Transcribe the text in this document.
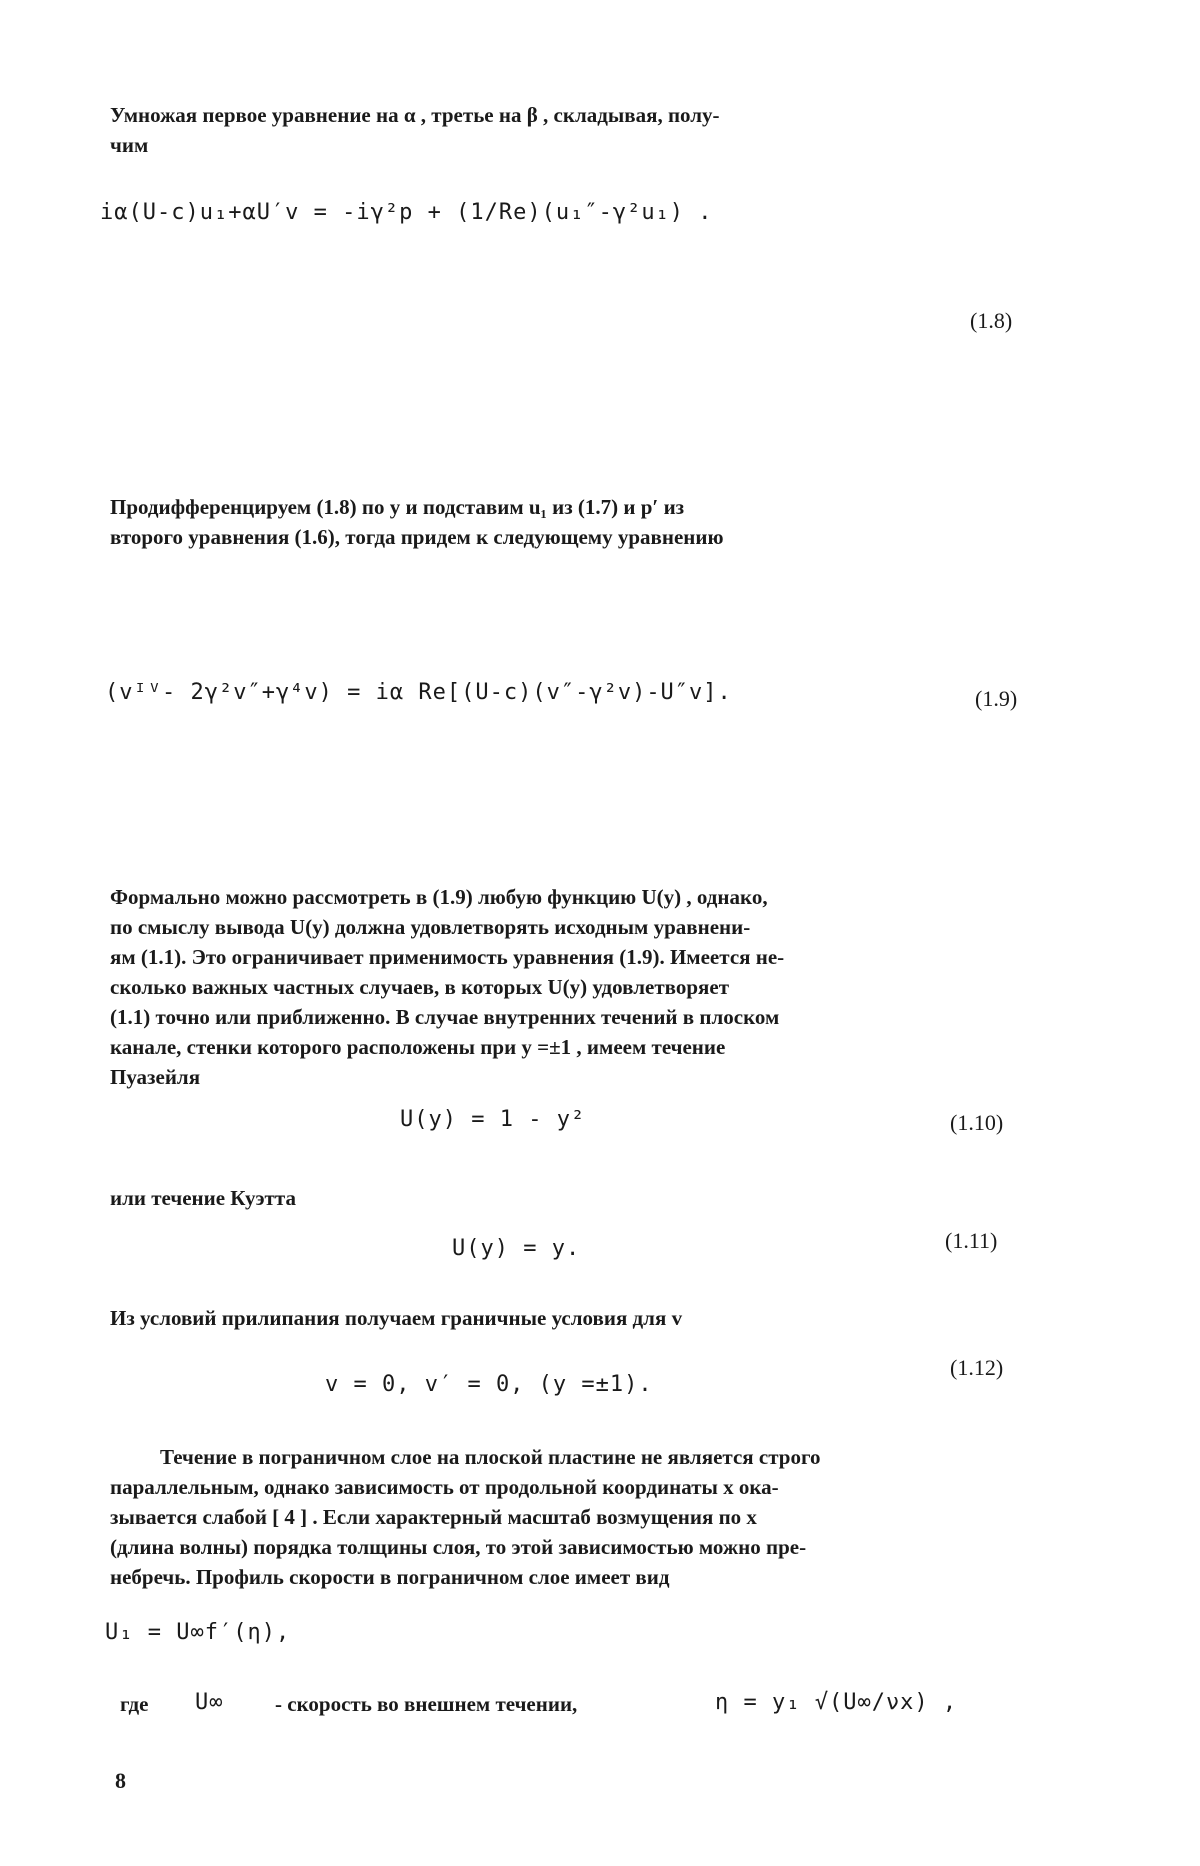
Умножая первое уравнение на α , третье на β , складывая, полу-
чим
iα(U-c)u₁+αU′v = -iγ²p + (1/Re)(u₁″-γ²u₁) .
(1.8)
Продифференцируем (1.8) по y и подставим u₁ из (1.7) и p′ из
второго уравнения (1.6), тогда придем к следующему уравнению
(vᴵⱽ- 2γ²v″+γ⁴v) = iα Re[(U-c)(v″-γ²v)-U″v].	(1.9)
Формально можно рассмотреть в (1.9) любую функцию U(y) , однако,
по смыслу вывода U(y) должна удовлетворять исходным уравнени-
ям (1.1). Это ограничивает применимость уравнения (1.9). Имеется не-
сколько важных частных случаев, в которых U(y) удовлетворяет
(1.1) точно или приближенно. В случае внутренних течений в плоском
канале, стенки которого расположены при y =±1 , имеем течение
Пуазейля
U(y) = 1 - y²	(1.10)
или течение Куэтта
U(y) = y.	(1.11)
Из условий прилипания получаем граничные условия для v
v = 0, v′ = 0, (y =±1).
(1.12)
Течение в пограничном слое на плоской пластине не является строго
параллельным, однако зависимость от продольной координаты x ока-
зывается слабой [ 4 ] . Если характерный масштаб возмущения по x
(длина волны) порядка толщины слоя, то этой зависимостью можно пре-
небречь. Профиль скорости в пограничном слое имеет вид
U₁ = U∞f′(η),
где U∞ - скорость во внешнем течении,	η = y₁ √(U∞/νx) ,
8
